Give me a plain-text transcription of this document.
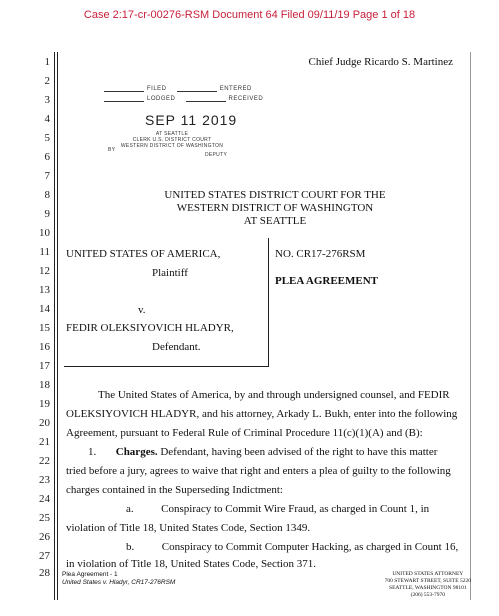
Case 2:17-cr-00276-RSM Document 64 Filed 09/11/19 Page 1 of 18
1
2
3
4
5
6
7
8
9
10
11
12
13
14
15
16
17
18
19
20
21
22
23
24
25
26
27
28
Chief Judge Ricardo S. Martinez
FILED	ENTERED
LODGED	RECEIVED
SEP 11 2019
AT SEATTLE
CLERK U.S. DISTRICT COURT
WESTERN DISTRICT OF WASHINGTON
BY
DEPUTY
UNITED STATES DISTRICT COURT FOR THE
WESTERN DISTRICT OF WASHINGTON
AT SEATTLE
UNITED STATES OF AMERICA,
Plaintiff
v.
FEDIR OLEKSIYOVICH HLADYR,
Defendant.
NO. CR17-276RSM
PLEA AGREEMENT
The United States of America, by and through undersigned counsel, and FEDIR
OLEKSIYOVICH HLADYR, and his attorney, Arkady L. Bukh, enter into the following
Agreement, pursuant to Federal Rule of Criminal Procedure 11(c)(1)(A) and (B):
1. Charges. Defendant, having been advised of the right to have this matter
tried before a jury, agrees to waive that right and enters a plea of guilty to the following
charges contained in the Superseding Indictment:
a.	Conspiracy to Commit Wire Fraud, as charged in Count 1, in
violation of Title 18, United States Code, Section 1349.
b.	Conspiracy to Commit Computer Hacking, as charged in Count 16,
in violation of Title 18, United States Code, Section 371.
Plea Agreement - 1
United States v. Hladyr, CR17-276RSM
UNITED STATES ATTORNEY
700 STEWART STREET, SUITE 5220
SEATTLE, WASHINGTON 98101
(206) 553-7970
